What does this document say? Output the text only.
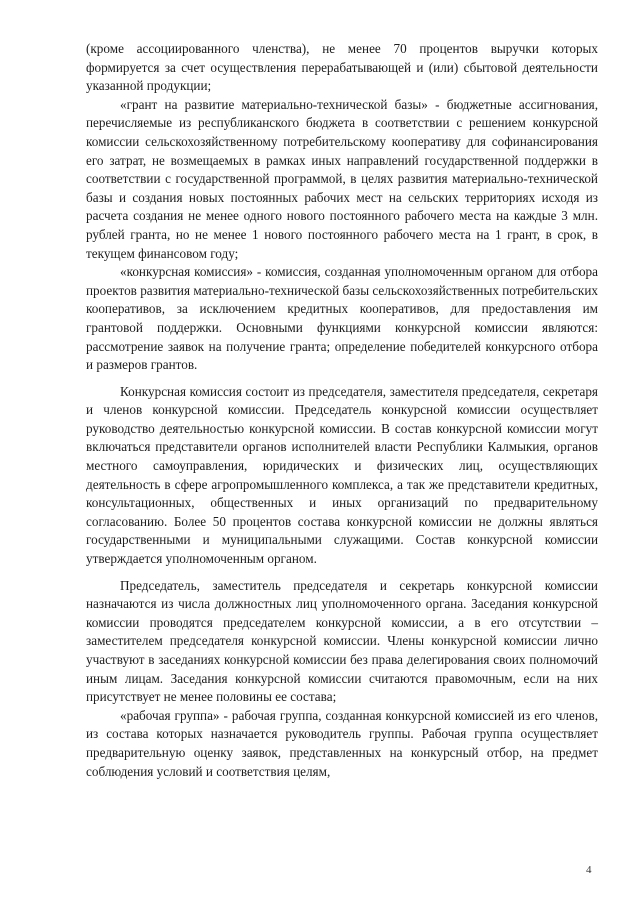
(кроме ассоциированного членства), не менее 70 процентов выручки которых формируется за счет осуществления перерабатывающей и (или) сбытовой деятельности указанной продукции;

«грант на развитие материально-технической базы» - бюджетные ассигнования, перечисляемые из республиканского бюджета в соответствии с решением конкурсной комиссии сельскохозяйственному потребительскому кооперативу для софинансирования его затрат, не возмещаемых в рамках иных направлений государственной поддержки в соответствии с государственной программой, в целях развития материально-технической базы и создания новых постоянных рабочих мест на сельских территориях исходя из расчета создания не менее одного нового постоянного рабочего места на каждые 3 млн. рублей гранта, но не менее 1 нового постоянного рабочего места на 1 грант, в срок, в текущем финансовом году;

«конкурсная комиссия» - комиссия, созданная уполномоченным органом для отбора проектов развития материально-технической базы сельскохозяйственных потребительских кооперативов, за исключением кредитных кооперативов, для предоставления им грантовой поддержки. Основными функциями конкурсной комиссии являются: рассмотрение заявок на получение гранта; определение победителей конкурсного отбора и размеров грантов.

Конкурсная комиссия состоит из председателя, заместителя председателя, секретаря и членов конкурсной комиссии. Председатель конкурсной комиссии осуществляет руководство деятельностью конкурсной комиссии. В состав конкурсной комиссии могут включаться представители органов исполнителей власти Республики Калмыкия, органов местного самоуправления, юридических и физических лиц, осуществляющих деятельность в сфере агропромышленного комплекса, а так же представители кредитных, консультационных, общественных и иных организаций по предварительному согласованию. Более 50 процентов состава конкурсной комиссии не должны являться государственными и муниципальными служащими. Состав конкурсной комиссии утверждается уполномоченным органом.

Председатель, заместитель председателя и секретарь конкурсной комиссии назначаются из числа должностных лиц уполномоченного органа. Заседания конкурсной комиссии проводятся председателем конкурсной комиссии, а в его отсутствии – заместителем председателя конкурсной комиссии. Члены конкурсной комиссии лично участвуют в заседаниях конкурсной комиссии без права делегирования своих полномочий иным лицам. Заседания конкурсной комиссии считаются правомочным, если на них присутствует не менее половины ее состава;

«рабочая группа» - рабочая группа, созданная конкурсной комиссией из его членов, из состава которых назначается руководитель группы. Рабочая группа осуществляет предварительную оценку заявок, представленных на конкурсный отбор, на предмет соблюдения условий и соответствия целям,

4
